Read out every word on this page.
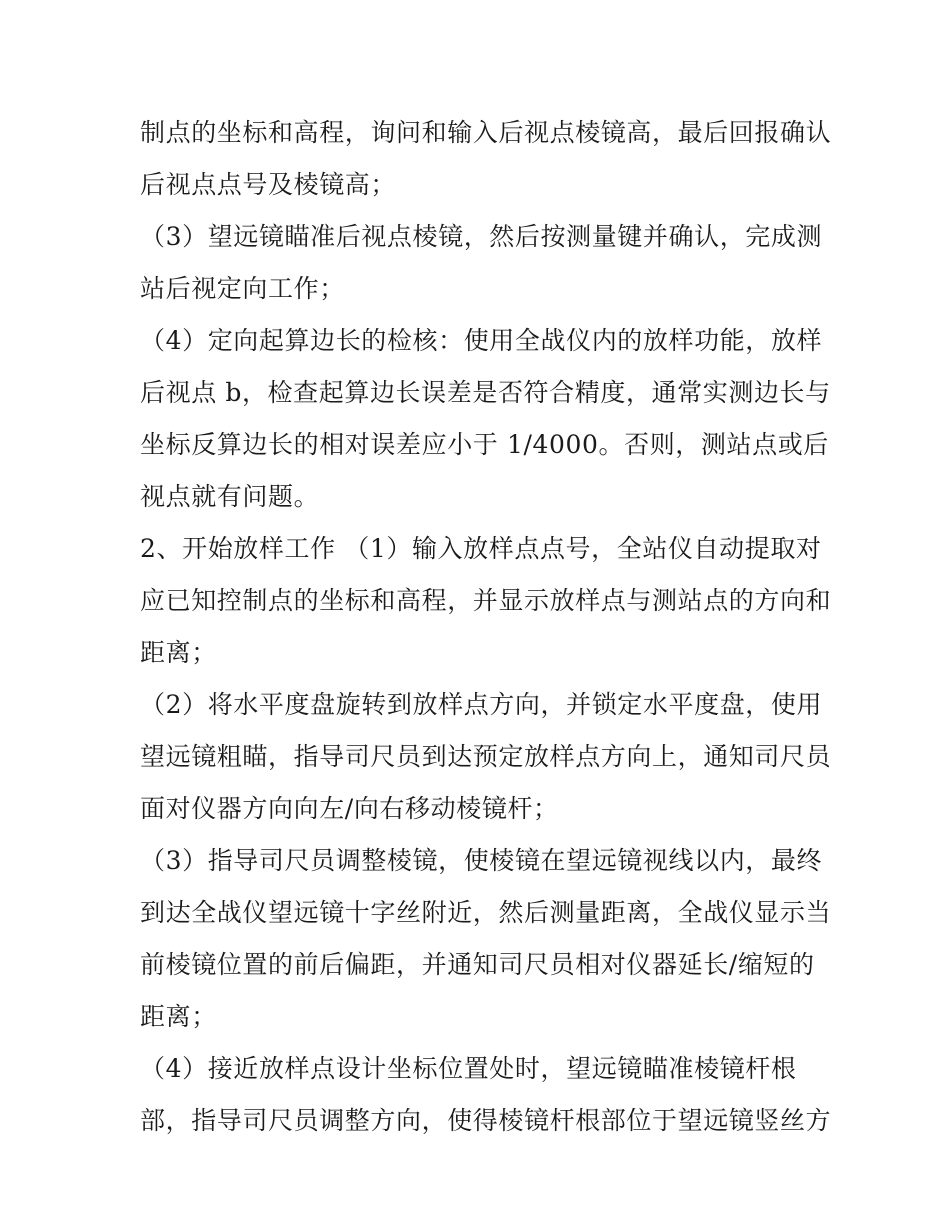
制点的坐标和高程，询问和输入后视点棱镜高，最后回报确认
后视点点号及棱镜高；
（3）望远镜瞄准后视点棱镜，然后按测量键并确认，完成测
站后视定向工作；
（4）定向起算边长的检核：使用全战仪内的放样功能，放样
后视点 b，检查起算边长误差是否符合精度，通常实测边长与
坐标反算边长的相对误差应小于 1/4000。否则，测站点或后
视点就有问题。
2、开始放样工作 （1）输入放样点点号，全站仪自动提取对
应已知控制点的坐标和高程，并显示放样点与测站点的方向和
距离；
（2）将水平度盘旋转到放样点方向，并锁定水平度盘，使用
望远镜粗瞄，指导司尺员到达预定放样点方向上，通知司尺员
面对仪器方向向左/向右移动棱镜杆；
（3）指导司尺员调整棱镜，使棱镜在望远镜视线以内，最终
到达全战仪望远镜十字丝附近，然后测量距离，全战仪显示当
前棱镜位置的前后偏距，并通知司尺员相对仪器延长/缩短的
距离；
（4）接近放样点设计坐标位置处时，望远镜瞄准棱镜杆根
部，指导司尺员调整方向，使得棱镜杆根部位于望远镜竖丝方
